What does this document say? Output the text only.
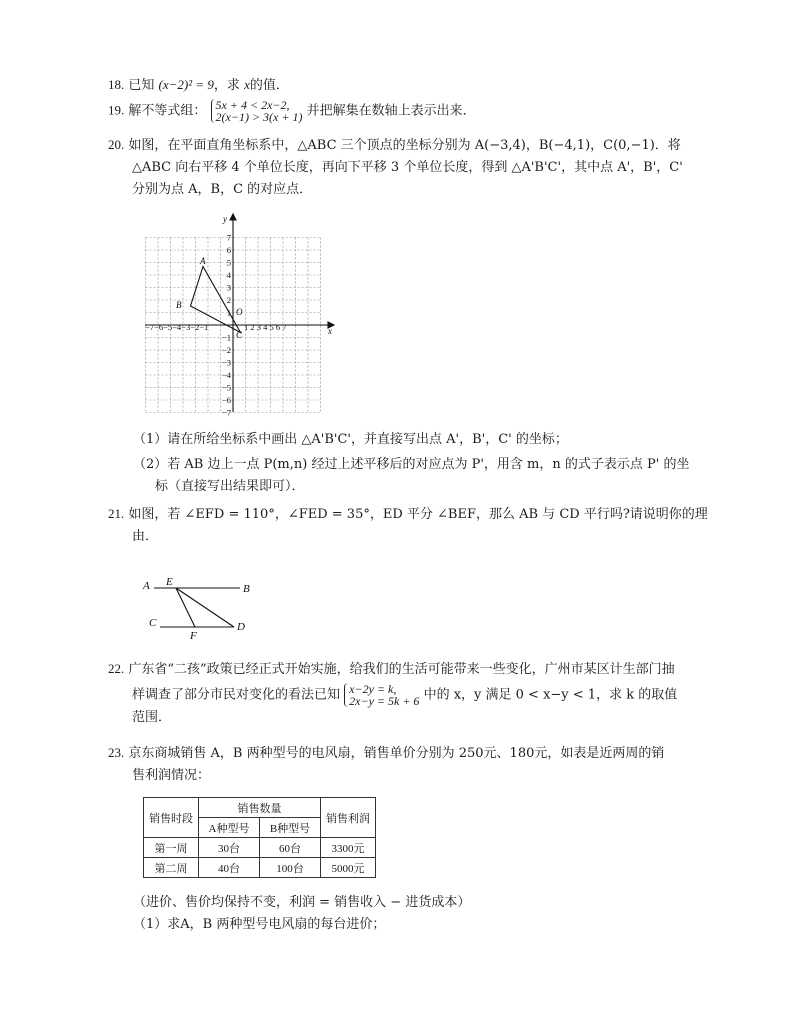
18. 已知 (x−2)² = 9，求 x的值．
19. 解不等式组： 5x + 4 < 2x−2,
2(x−1) > 3(x + 1) 并把解集在数轴上表示出来．
20. 如图，在平面直角坐标系中，△ABC 三个顶点的坐标分别为 A(−3,4)，B(−4,1)，C(0,−1)．将
△ABC 向右平移 4 个单位长度，再向下平移 3 个单位长度，得到 △A'B'C'，其中点 A'，B'，C'
分别为点 A，B，C 的对应点．
x
y
O
A
B
C
−7−6−5−4−3−2−1	1 2 3 4 5 6 7
7
6
5
4
3
2
1
−1
−2
−3
−4
−5
−6
−7
（1）请在所给坐标系中画出 △A'B'C'，并直接写出点 A'，B'，C' 的坐标；
（2）若 AB 边上一点 P(m,n) 经过上述平移后的对应点为 P'，用含 m，n 的式子表示点 P' 的坐
标（直接写出结果即可）．
21. 如图，若 ∠EFD = 110°，∠FED = 35°，ED 平分 ∠BEF，那么 AB 与 CD 平行吗?请说明你的理
由．
A	B
C	D
E
F
22. 广东省“二孩”政策已经正式开始实施，给我们的生活可能带来一些变化，广州市某区计生部门抽
样调查了部分市民对变化的看法已知 x−2y = k,
2x−y = 5k + 6 中的 x，y 满足 0 < x−y < 1，求 k 的取值
范围．
23. 京东商城销售 A，B 两种型号的电风扇，销售单价分别为 250元、180元，如表是近两周的销
售利润情况：
销售时段	销售数量		销售利润
	A种型号	B种型号	
第一周	30台	60台	3300元
第二周	40台	100台	5000元
（进价、售价均保持不变，利润 = 销售收入 − 进货成本）
（1）求A，B 两种型号电风扇的每台进价；
